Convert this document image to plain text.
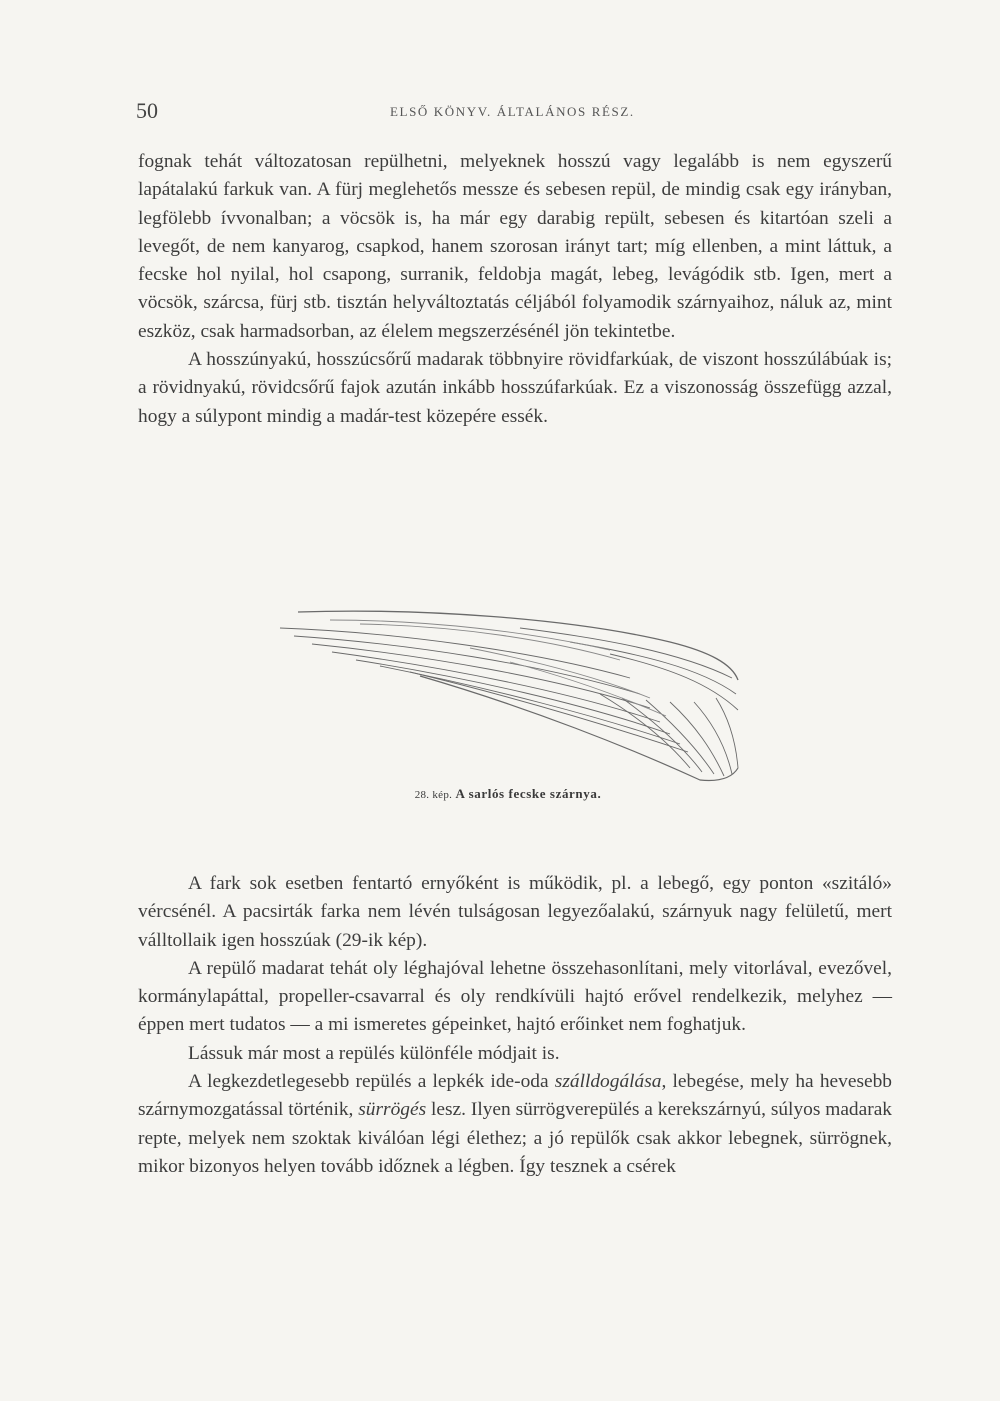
50	ELSŐ KÖNYV. ÁLTALÁNOS RÉSZ.

fognak tehát változatosan repülhetni, melyeknek hosszú vagy legalább is nem egyszerű lapátalakú farkuk van. A fürj meglehetős messze és sebesen repül, de mindig csak egy irányban, legfölebb ívvonalban; a vöcsök is, ha már egy darabig repült, sebesen és kitartóan szeli a levegőt, de nem kanyarog, csapkod, hanem szorosan irányt tart; míg ellenben, a mint láttuk, a fecske hol nyilal, hol csapong, surranik, feldobja magát, lebeg, levágódik stb. Igen, mert a vöcsök, szárcsa, fürj stb. tisztán helyváltoztatás céljából folyamodik szárnyaihoz, náluk az, mint eszköz, csak harmadsorban, az élelem megszerzésénél jön tekintetbe.

A hosszúnyakú, hosszúcsőrű madarak többnyire rövidfarkúak, de viszont hosszúlábúak is; a rövidnyakú, rövidcsőrű fajok azután inkább hosszúfarkúak. Ez a viszonosság összefügg azzal, hogy a súlypont mindig a madár-test közepére essék.

28. kép. A sarlós fecske szárnya.

A fark sok esetben fentartó ernyőként is működik, pl. a lebegő, egy ponton «szitáló» vércsénél. A pacsirták farka nem lévén tulságosan legyezőalakú, szárnyuk nagy felületű, mert válltollaik igen hosszúak (29-ik kép).

A repülő madarat tehát oly léghajóval lehetne összehasonlítani, mely vitorlával, evezővel, kormánylapáttal, propeller-csavarral és oly rendkívüli hajtó erővel rendelkezik, melyhez — éppen mert tudatos — a mi ismeretes gépeinket, hajtó erőinket nem foghatjuk.

Lássuk már most a repülés különféle módjait is.

A legkezdetlegesebb repülés a lepkék ide-oda szálldogálása, lebegése, mely ha hevesebb szárnymozgatással történik, sürrögés lesz. Ilyen sürrögverepülés a kerekszárnyú, súlyos madarak repte, melyek nem szoktak kiválóan légi élethez; a jó repülők csak akkor lebegnek, sürrögnek, mikor bizonyos helyen tovább időznek a légben. Így tesznek a csérek
